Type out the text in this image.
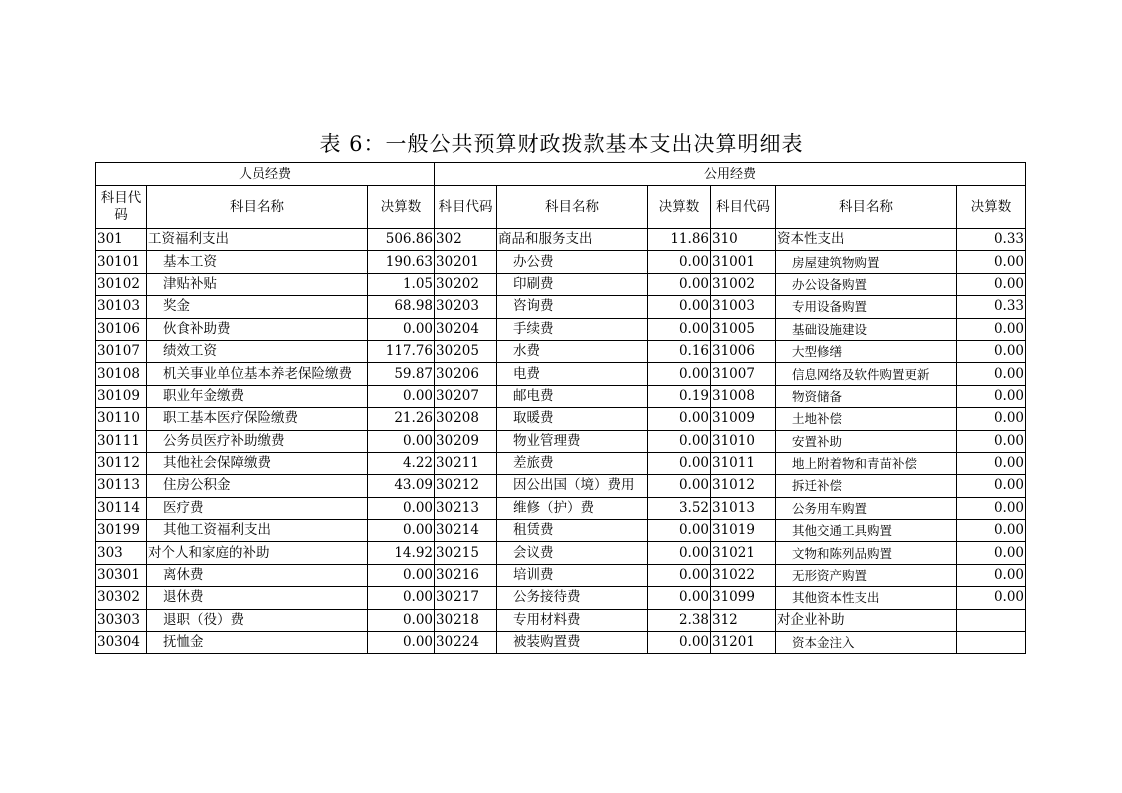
表 6：一般公共预算财政拨款基本支出决算明细表
人员经费			公用经费					
科目代码	科目名称	决算数	科目代码	科目名称	决算数	科目代码	科目名称	决算数
301	工资福利支出	506.86	302	商品和服务支出	11.86	310	资本性支出	0.33
30101	基本工资	190.63	30201	办公费	0.00	31001	房屋建筑物购置	0.00
30102	津贴补贴	1.05	30202	印刷费	0.00	31002	办公设备购置	0.00
30103	奖金	68.98	30203	咨询费	0.00	31003	专用设备购置	0.33
30106	伙食补助费	0.00	30204	手续费	0.00	31005	基础设施建设	0.00
30107	绩效工资	117.76	30205	水费	0.16	31006	大型修缮	0.00
30108	机关事业单位基本养老保险缴费	59.87	30206	电费	0.00	31007	信息网络及软件购置更新	0.00
30109	职业年金缴费	0.00	30207	邮电费	0.19	31008	物资储备	0.00
30110	职工基本医疗保险缴费	21.26	30208	取暖费	0.00	31009	土地补偿	0.00
30111	公务员医疗补助缴费	0.00	30209	物业管理费	0.00	31010	安置补助	0.00
30112	其他社会保障缴费	4.22	30211	差旅费	0.00	31011	地上附着物和青苗补偿	0.00
30113	住房公积金	43.09	30212	因公出国（境）费用	0.00	31012	拆迁补偿	0.00
30114	医疗费	0.00	30213	维修（护）费	3.52	31013	公务用车购置	0.00
30199	其他工资福利支出	0.00	30214	租赁费	0.00	31019	其他交通工具购置	0.00
303	对个人和家庭的补助	14.92	30215	会议费	0.00	31021	文物和陈列品购置	0.00
30301	离休费	0.00	30216	培训费	0.00	31022	无形资产购置	0.00
30302	退休费	0.00	30217	公务接待费	0.00	31099	其他资本性支出	0.00
30303	退职（役）费	0.00	30218	专用材料费	2.38	312	对企业补助	
30304	抚恤金	0.00	30224	被装购置费	0.00	31201	资本金注入	
